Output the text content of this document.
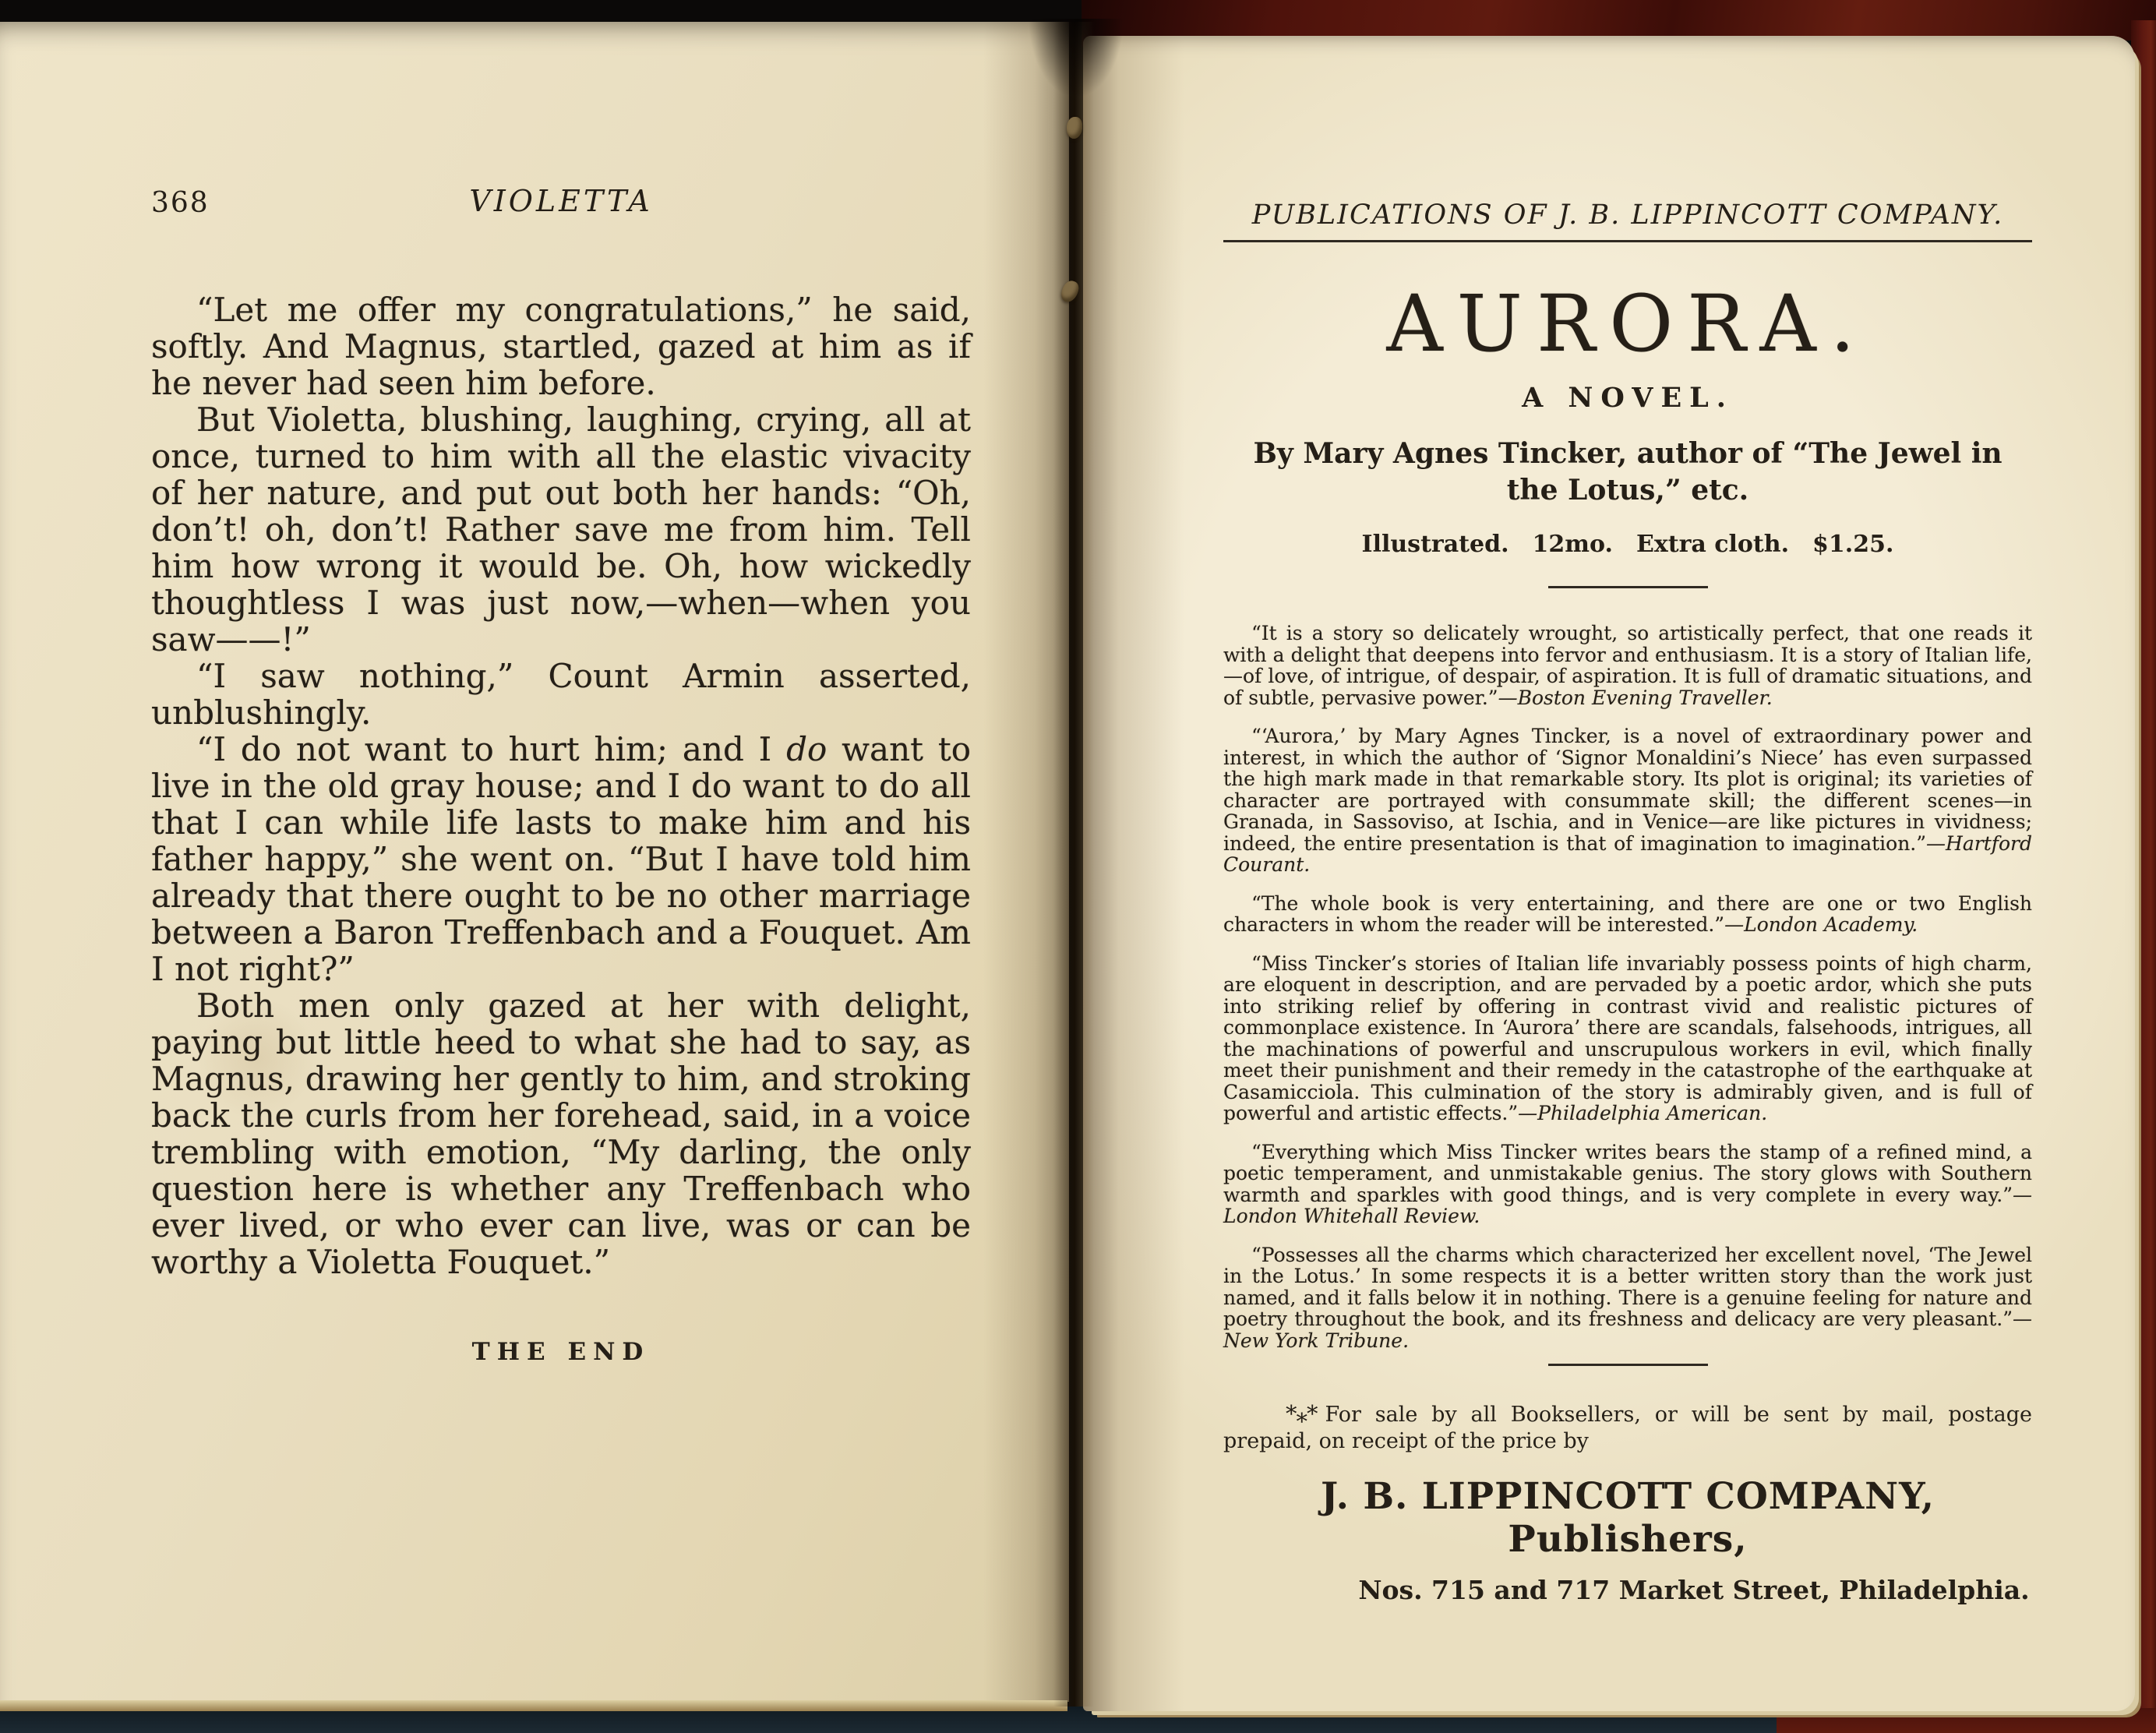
368	VIOLETTA

“Let me offer my congratulations,” he said, softly. And Magnus, startled, gazed at him as if he never had seen him before.

But Violetta, blushing, laughing, crying, all at once, turned to him with all the elastic vivacity of her nature, and put out both her hands: “Oh, don’t! oh, don’t! Rather save me from him. Tell him how wrong it would be. Oh, how wickedly thoughtless I was just now,—when—when you saw——!”

“I saw nothing,” Count Armin asserted, unblushingly.

“I do not want to hurt him; and I do want to live in the old gray house; and I do want to do all that I can while life lasts to make him and his father happy,” she went on. “But I have told him already that there ought to be no other marriage between a Baron Treffenbach and a Fouquet. Am I not right?”

Both men only gazed at her with delight, paying but little heed to what she had to say, as Magnus, drawing her gently to him, and stroking back the curls from her forehead, said, in a voice trembling with emotion, “My darling, the only question here is whether any Treffenbach who ever lived, or who ever can live, was or can be worthy a Violetta Fouquet.”

THE END
PUBLICATIONS OF J. B. LIPPINCOTT COMPANY.
AURORA.
A NOVEL.
By Mary Agnes Tincker, author of “The Jewel in the Lotus,” etc.
Illustrated. 12mo. Extra cloth. $1.25.

“It is a story so delicately wrought, so artistically perfect, that one reads it with a delight that deepens into fervor and enthusiasm. It is a story of Italian life,—of love, of intrigue, of despair, of aspiration. It is full of dramatic situations, and of subtle, pervasive power.”—Boston Evening Traveller.

“‘Aurora,’ by Mary Agnes Tincker, is a novel of extraordinary power and interest, in which the author of ‘Signor Monaldini’s Niece’ has even surpassed the high mark made in that remarkable story. Its plot is original; its varieties of character are portrayed with consummate skill; the different scenes—in Granada, in Sassoviso, at Ischia, and in Venice—are like pictures in vividness; indeed, the entire presentation is that of imagination to imagination.”—Hartford Courant.

“The whole book is very entertaining, and there are one or two English characters in whom the reader will be interested.”—London Academy.

“Miss Tincker’s stories of Italian life invariably possess points of high charm, are eloquent in description, and are pervaded by a poetic ardor, which she puts into striking relief by offering in contrast vivid and realistic pictures of commonplace existence. In ‘Aurora’ there are scandals, falsehoods, intrigues, all the machinations of powerful and unscrupulous workers in evil, which finally meet their punishment and their remedy in the catastrophe of the earthquake at Casamicciola. This culmination of the story is admirably given, and is full of powerful and artistic effects.”—Philadelphia American.

“Everything which Miss Tincker writes bears the stamp of a refined mind, a poetic temperament, and unmistakable genius. The story glows with Southern warmth and sparkles with good things, and is very complete in every way.”—London Whitehall Review.

“Possesses all the charms which characterized her excellent novel, ‘The Jewel in the Lotus.’ In some respects it is a better written story than the work just named, and it falls below it in nothing. There is a genuine feeling for nature and poetry throughout the book, and its freshness and delicacy are very pleasant.”—New York Tribune.

*** For sale by all Booksellers, or will be sent by mail, postage prepaid, on receipt of the price by

J. B. LIPPINCOTT COMPANY, Publishers,
Nos. 715 and 717 Market Street, Philadelphia.
